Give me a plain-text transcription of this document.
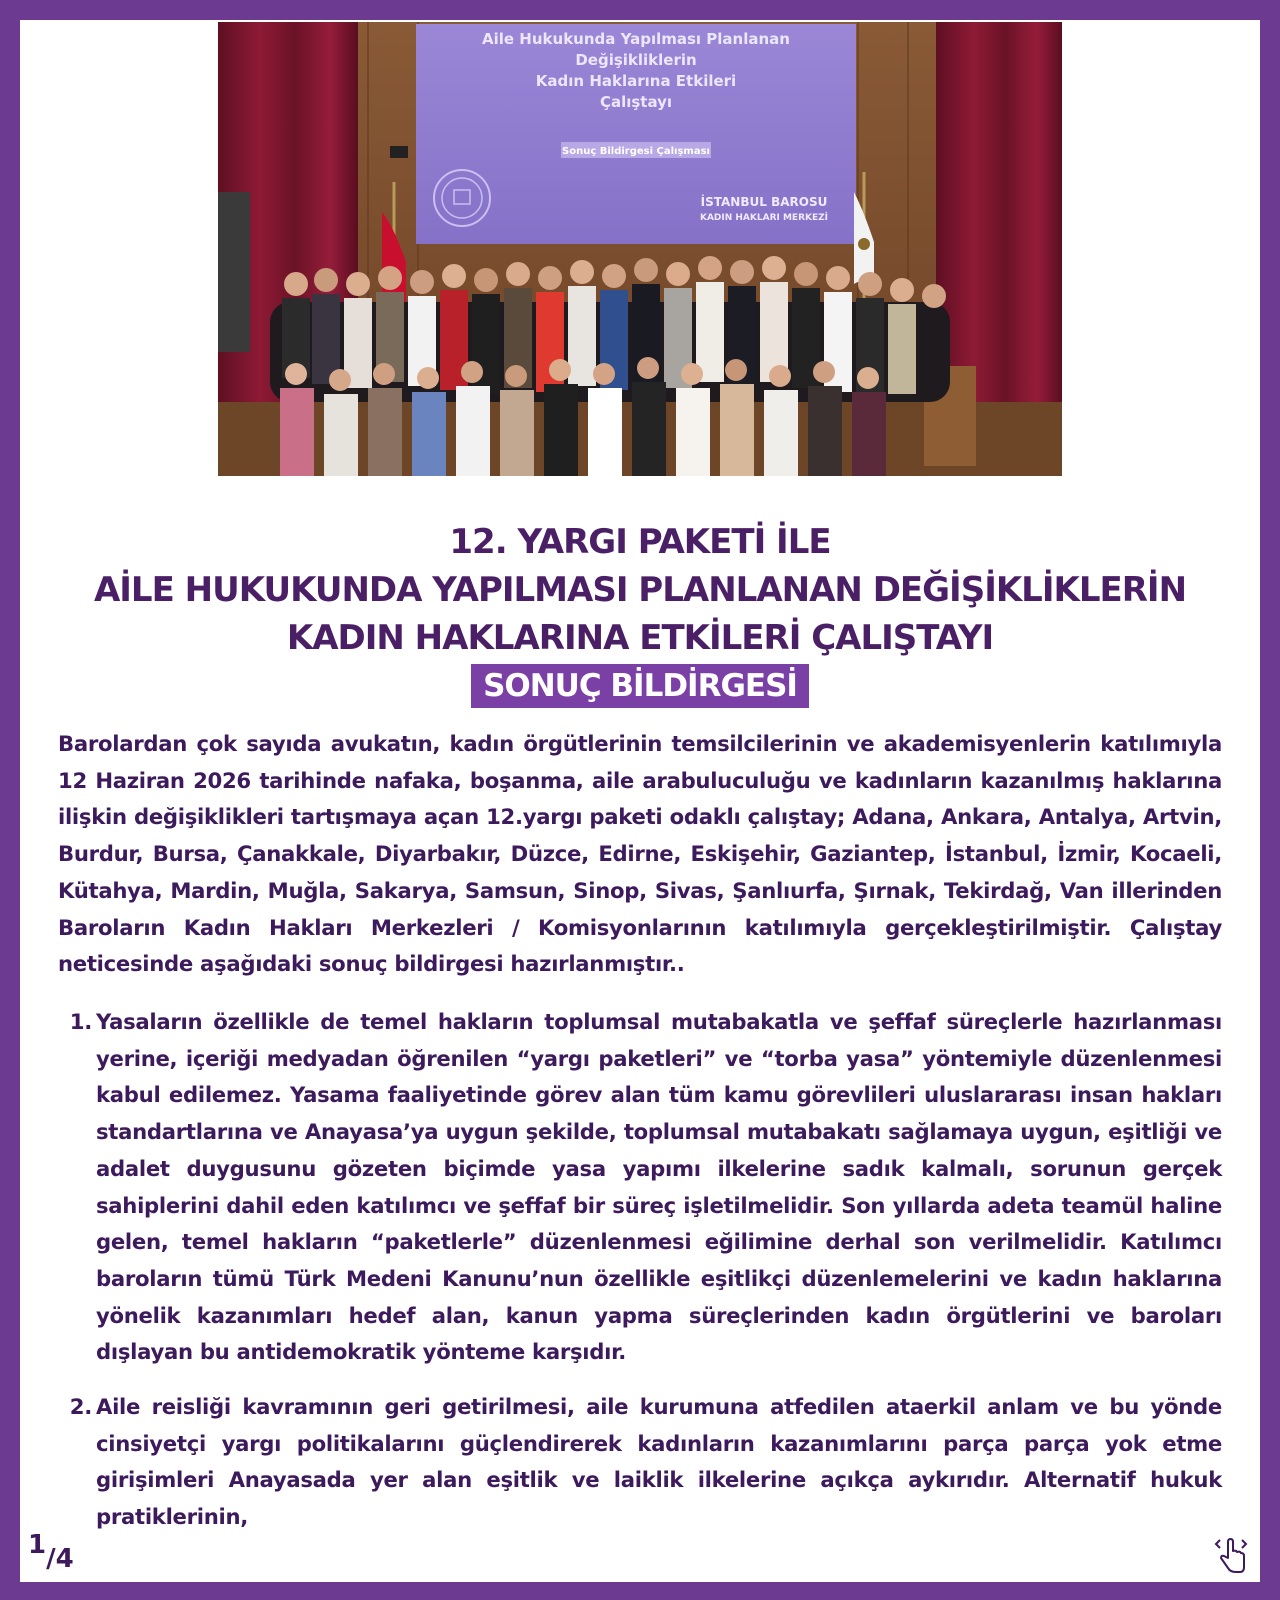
Aile Hukukunda Yapılması Planlanan
Değişikliklerin
Kadın Haklarına Etkileri
Çalıştayı
Sonuç Bildirgesi Çalışması
İSTANBUL BAROSU
KADIN HAKLARI MERKEZİ
12. YARGI PAKETİ İLE
AİLE HUKUKUNDA YAPILMASI PLANLANAN DEĞİŞİKLİKLERİN
KADIN HAKLARINA ETKİLERİ ÇALIŞTAYI
SONUÇ BİLDİRGESİ
Barolardan çok sayıda avukatın, kadın örgütlerinin temsilcilerinin ve akademisyenlerin katılımıyla 12 Haziran 2026 tarihinde nafaka, boşanma, aile arabuluculuğu ve kadınların kazanılmış haklarına ilişkin değişiklikleri tartışmaya açan 12.yargı paketi odaklı çalıştay; Adana, Ankara, Antalya, Artvin, Burdur, Bursa, Çanakkale, Diyarbakır, Düzce, Edirne, Eskişehir, Gaziantep, İstanbul, İzmir, Kocaeli, Kütahya, Mardin, Muğla, Sakarya, Samsun, Sinop, Sivas, Şanlıurfa, Şırnak, Tekirdağ, Van illerinden Baroların Kadın Hakları Merkezleri / Komisyonlarının katılımıyla gerçekleştirilmiştir. Çalıştay neticesinde aşağıdaki sonuç bildirgesi hazırlanmıştır..
1. Yasaların özellikle de temel hakların toplumsal mutabakatla ve şeffaf süreçlerle hazırlanması yerine, içeriği medyadan öğrenilen “yargı paketleri” ve “torba yasa” yöntemiyle düzenlenmesi kabul edilemez. Yasama faaliyetinde görev alan tüm kamu görevlileri uluslararası insan hakları standartlarına ve Anayasa’ya uygun şekilde, toplumsal mutabakatı sağlamaya uygun, eşitliği ve adalet duygusunu gözeten biçimde yasa yapımı ilkelerine sadık kalmalı, sorunun gerçek sahiplerini dahil eden katılımcı ve şeffaf bir süreç işletilmelidir. Son yıllarda adeta teamül haline gelen, temel hakların “paketlerle” düzenlenmesi eğilimine derhal son verilmelidir. Katılımcı baroların tümü Türk Medeni Kanunu’nun özellikle eşitlikçi düzenlemelerini ve kadın haklarına yönelik kazanımları hedef alan, kanun yapma süreçlerinden kadın örgütlerini ve baroları dışlayan bu antidemokratik yönteme karşıdır.
2. Aile reisliği kavramının geri getirilmesi, aile kurumuna atfedilen ataerkil anlam ve bu yönde cinsiyetçi yargı politikalarını güçlendirerek kadınların kazanımlarını parça parça yok etme girişimleri Anayasada yer alan eşitlik ve laiklik ilkelerine açıkça aykırıdır. Alternatif hukuk pratiklerinin,
1/4
